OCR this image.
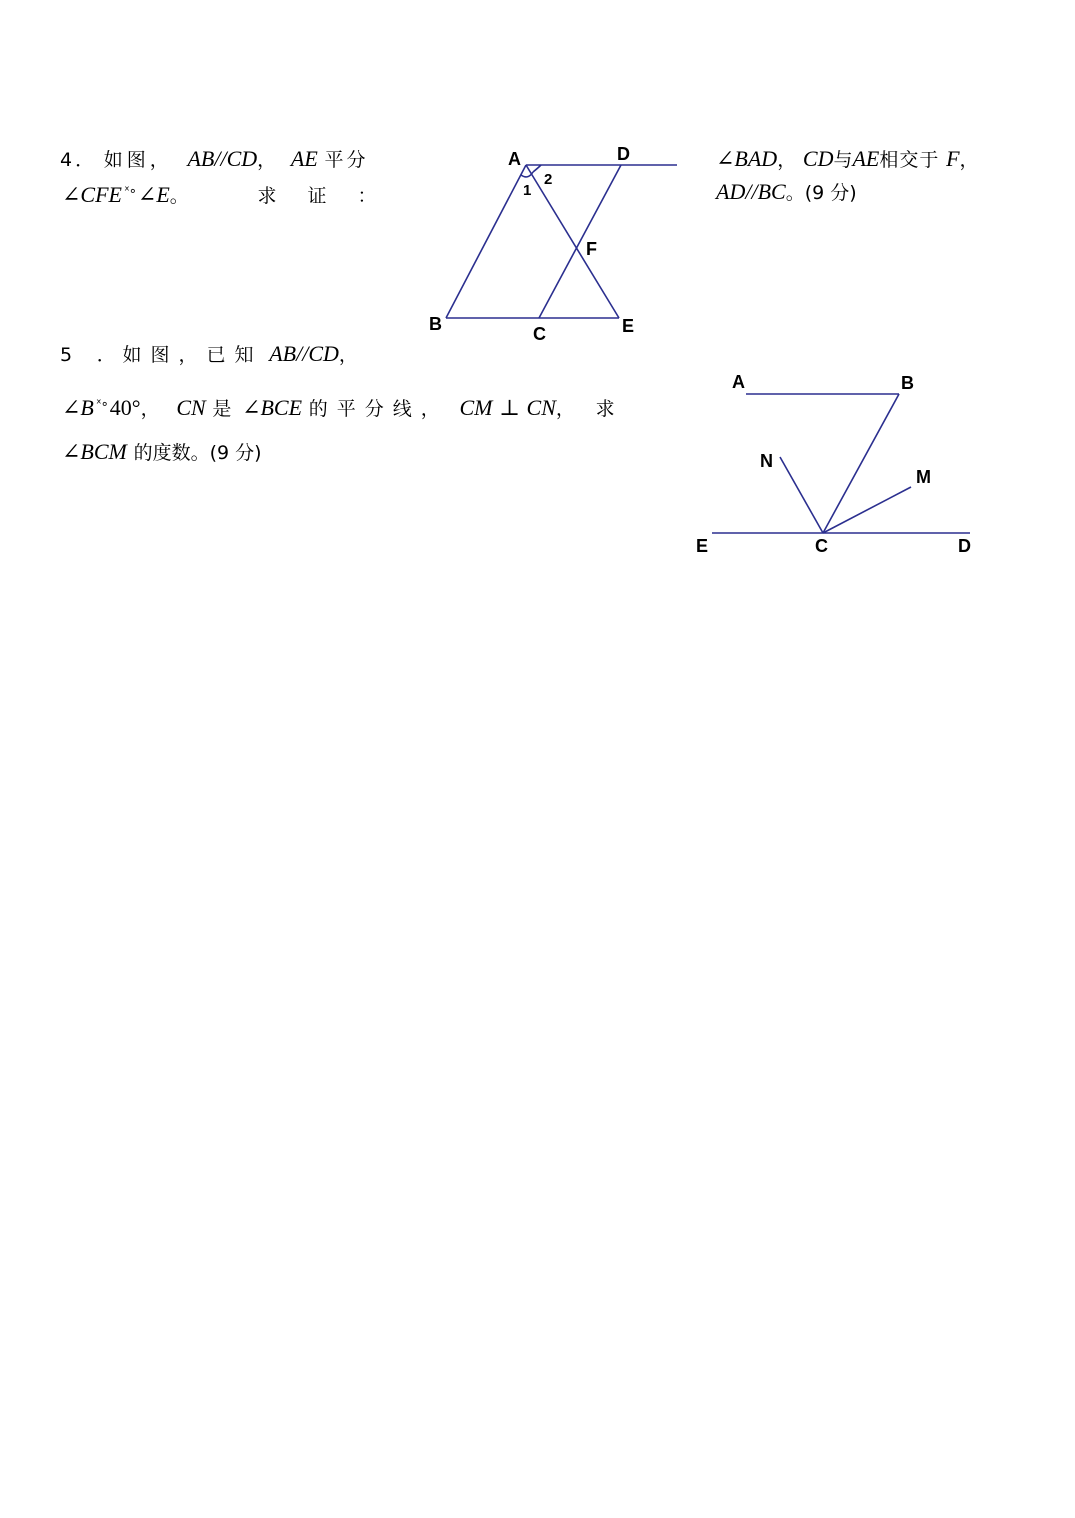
4． 如图， AB//CD， AE 平分
∠CFE $^{ˣ\circ}$∠E。	求　证　：
∠BAD， CD与AE相交于 F，
AD//BC。(9 分)
A	D
1
2
F
B	C	E
5 ． 如图，已知 AB//CD，
∠B $^{ˣ\circ}$40°， CN 是 ∠BCE 的平分线， CM ⊥ CN， 求
∠BCM 的度数。(9 分)
A	B
N
M
E	C	D
